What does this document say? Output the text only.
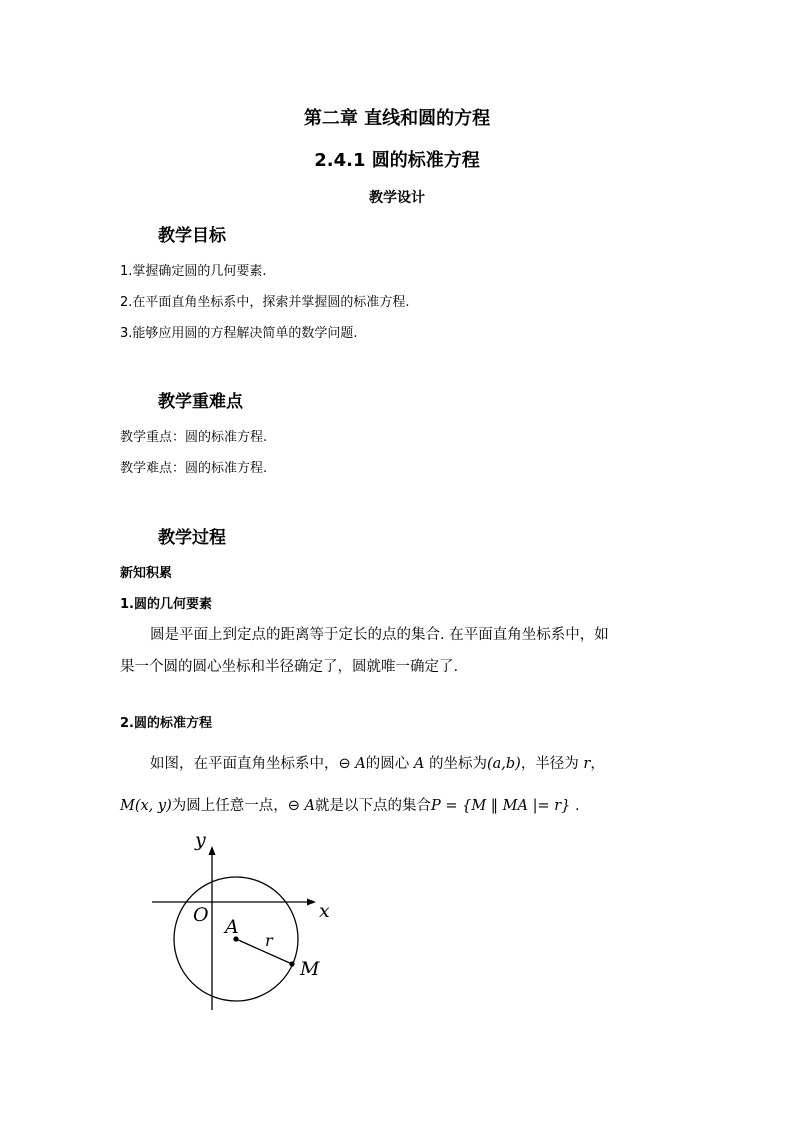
第二章 直线和圆的方程
2.4.1 圆的标准方程
教学设计
教学目标
1.掌握确定圆的几何要素.
2.在平面直角坐标系中，探索并掌握圆的标准方程.
3.能够应用圆的方程解决简单的数学问题.
教学重难点
教学重点：圆的标准方程.
教学难点：圆的标准方程.
教学过程
新知积累
1.圆的几何要素
圆是平面上到定点的距离等于定长的点的集合. 在平面直角坐标系中，如
果一个圆的圆心坐标和半径确定了，圆就唯一确定了.
2.圆的标准方程
如图，在平面直角坐标系中，⊖ A的圆心 A 的坐标为(a,b)，半径为 r，
M(x, y)为圆上任意一点，⊖ A就是以下点的集合P = {M ‖ MA |= r} .
y
x
O
A
r
M
